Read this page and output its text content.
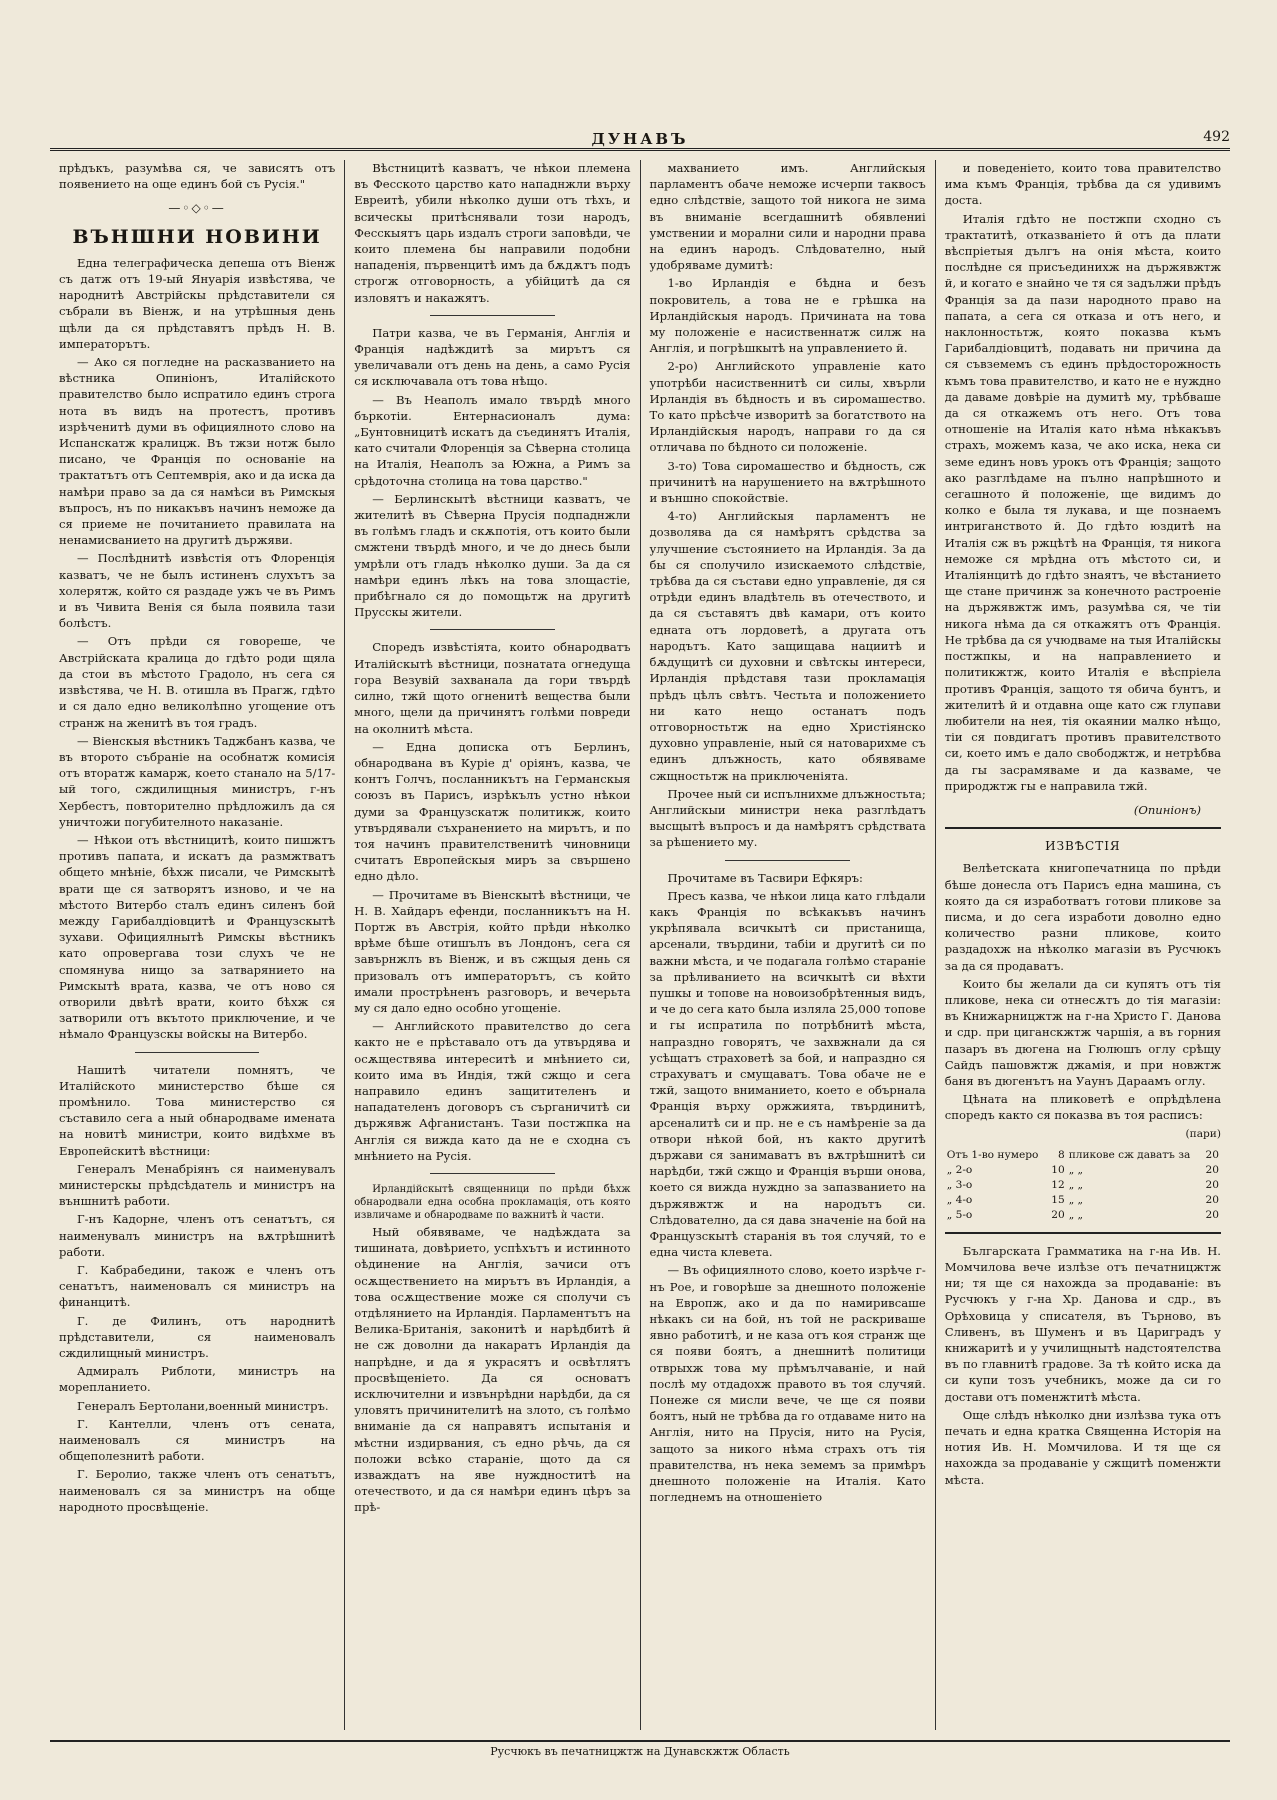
ДУНАВЪ	492

прѣдъкъ, разумѣва ся, че зависятъ отъ появението на още единъ бой съ Русія."

—◦◇◦—
ВЪНШНИ НОВИНИ

Една телеграфическа депеша отъ Віенж съ датж отъ 19-ый Януарія извѣстява, че народнитѣ Австрійскы прѣдставители ся събрали въ Віенж, и на утрѣшныя день щѣли да ся прѣдставятъ прѣдъ Н. В. императорътъ.

— Ако ся погледне на расказванието на вѣстника Опиніонъ, Италійското правителство было испратило единъ строга нота въ видъ на протестъ, противъ изрѣченитѣ думи въ официялното слово на Испанскатж кралицж. Въ тжзи нотж было писано, че Франція по основаніе на трактатътъ отъ Септемврія, ако и да иска да намѣри право за да ся намѣси въ Римскыя въпросъ, нъ по никакъвъ начинъ неможе да ся приеме не почитанието правилата на ненамисванието на другитѣ държяви.

— Послѣднитѣ извѣстія отъ Флоренція казватъ, че не былъ истиненъ слухътъ за холерятж, който ся раздаде ужъ че въ Римъ и въ Чивита Венія ся была появила тази болѣстъ.

— Отъ прѣди ся говореше, че Австрійската кралица до гдѣто роди щяла да стои въ мѣстото Градоло, нъ сега ся извѣстява, че Н. В. отишла въ Прагж, гдѣто и ся дало едно великолѣпно угощение отъ странж на женитѣ въ тоя градъ.

— Віенскыя вѣстникъ Таджбанъ казва, че въ второто събраніе на особнатж комисія отъ вторатж камарж, което станало на 5/17-ый того, сждилищныя министръ, г-нъ Хербестъ, повторително прѣдложилъ да ся уничтожи погубителното наказаніе.

— Нѣкои отъ вѣстницитѣ, които пишжтъ противъ папата, и искатъ да размжтватъ общето мнѣніе, бѣхж писали, че Римскытѣ врати ще ся затворятъ изново, и че на мѣстото Витербо сталъ единъ силенъ бой между Гарибалдіовцитѣ и Французскытѣ зухави. Официялнытѣ Римскы вѣстникъ като опровергава този слухъ че не спомянува нищо за затварянието на Римскытѣ врата, казва, че отъ ново ся отворили двѣтѣ врати, които бѣхж ся затворили отъ вкътото приключение, и че нѣмало Французскы войскы на Витербо.

Нашитѣ читатели помнятъ, че Италійското министерство бѣше ся промѣнило. Това министерство ся съставило сега а ный обнародваме имената на новитѣ министри, които видѣхме въ Европейскитѣ вѣстници:

Генералъ Менабріянъ ся наименувалъ министерскы прѣдсѣдатель и министръ на външнитѣ работи.

Г-нъ Кадорне, членъ отъ сенатътъ, ся наименувалъ министръ на вѫтрѣшнитѣ работи.

Г. Кабрабедини, також е членъ отъ сенатътъ, наименовалъ ся министръ на финанцитѣ.

Г. де Филинъ, отъ народнитѣ прѣдставители, ся наименовалъ сждилищный министръ.

Адмиралъ Риблоти, министръ на морепланието.

Генералъ Бертолани,военный министръ.

Г. Кантелли, членъ отъ сената, наименовалъ ся министръ на общеполезнитѣ работи.

Г. Беролио, также членъ отъ сенатътъ, наименовалъ ся за министръ на обще народното просвѣщеніе.

Вѣстницитѣ казватъ, че нѣкои племена въ Фесското царство като нападнжли върху Евреитѣ, убили нѣколко души отъ тѣхъ, и всическы притѣснявали този народъ, Фесскыятъ царь издалъ строги заповѣди, че които племена бы направили подобни нападенія, първенцитѣ имъ да бѫдѫтъ подъ строгж отговорность, а убійцитѣ да ся изловятъ и накажятъ.

Патри казва, че въ Германія, Англія и Франція надѣждитѣ за мирътъ ся увеличавали отъ день на день, а само Русія ся исключавала отъ това нѣщо.

— Въ Неаполъ имало твърдѣ много бъркотіи. Ентернасионалъ дума: „Бунтовницитѣ искатъ да съединятъ Италія, като считали Флоренція за Сѣверна столица на Италія, Неаполъ за Южна, а Римъ за срѣдоточна столица на това царство."

— Берлинскытѣ вѣстници казватъ, че жителитѣ въ Сѣверна Прусія подпаднжли въ голѣмъ гладъ и скѫпотія, отъ които были смжтени твърдѣ много, и че до днесь были умрѣли отъ гладъ нѣколко души. За да ся намѣри единъ лѣкъ на това злощастіе, прибѣгнало ся до помощьтж на другитѣ Прусскы жители.

Споредъ извѣстіята, които обнародватъ Италійскытѣ вѣстници, познатата огнедуща гора Везувій захванала да гори твърдѣ силно, тжй щото огненитѣ вещества были много, щели да причинятъ голѣми повреди на околнитѣ мѣста.

— Една дописка отъ Берлинъ, обнародвана въ Куріе д' оріянъ, казва, че контъ Голчъ, посланникътъ на Германскыя союзъ въ Парисъ, изрѣкълъ устно нѣкои думи за Французскатж политикж, които утвърдявали съхранението на мирътъ, и по тоя начинъ правителственитѣ чиновници считатъ Европейскыя миръ за свършено едно дѣло.

— Прочитаме въ Віенскытѣ вѣстници, че Н. В. Хайдаръ ефенди, посланникътъ на Н. Портж въ Австрія, който прѣди нѣколко врѣме бѣше отишълъ въ Лондонъ, сега ся завърнжлъ въ Віенж, и въ сжщыя день ся призовалъ отъ императорътъ, съ който имали прострѣненъ разговоръ, и вечерьта му ся дало едно особно угощеніе.

— Английското правителство до сега както не е прѣставало отъ да утвърдява и осѫществява интереситѣ и мнѣнието си, които има въ Индія, тжй сжщо и сега направило единъ защитителенъ и нападателенъ договоръ съ сърганичитѣ си държявж Афганистанъ. Тази постжпка на Англія ся вижда като да не е сходна съ мнѣнието на Русія.

Ирландійскытѣ священници по прѣди бѣхж обнародвали една особна прокламація, отъ която извличаме и обнародваме по важнитѣ ѝ части.

Ный обявяваме, че надѣждата за тишината, довѣрието, успѣхътъ и истинното оѣдинение на Англія, зачиси отъ осѫществението на мирътъ въ Ирландія, а това осѫществение може ся сполучи съ отдѣлянието на Ирландія. Парламентътъ на Велика-Британія, законитѣ и нарѣдбитѣ й не сж доволни да накаратъ Ирландія да напрѣдне, и да я украсятъ и освѣтлятъ просвѣщеніето. Да ся основатъ исключителни и извънрѣдни нарѣдби, да ся уловятъ причинителитѣ на злото, съ голѣмо вниманіе да ся направятъ испытанія и мѣстни издирвания, съ едно рѣчь, да ся положи всѣко стараніе, щото да ся изваждатъ на яве нуждноститѣ на отечеството, и да ся намѣри единъ цѣръ за прѣ-

махванието имъ. Английскыя парламентъ обаче неможе исчерпи таквосъ едно слѣдствіе, защото той никога не зима въ вниманіе всегдашнитѣ обявлениi умствении и морални сили и народни права на единъ народъ. Слѣдователно, ный удобряваме думитѣ:

1-во Ирландія е бѣдна и безъ покровитель, а това не е грѣшка на Ирландійскыя народъ. Причината на това му положеніе е насиственнатж силж на Англія, и погрѣшкытѣ на управлението й.

2-ро) Английското управленіе като употрѣби насиственнитѣ си силы, хвърли Ирландія въ бѣдность и въ сиромашество. То като прѣсѣче изворитѣ за богатството на Ирландійскыя народъ, направи го да ся отличава по бѣдното си положеніе.

3-то) Това сиромашество и бѣдность, сж причинитѣ на нарушението на вѫтрѣшното и външно спокойствіе.

4-то) Английскыя парламентъ не дозволява да ся намѣрятъ срѣдства за улучшение състоянието на Ирландія. За да бы ся сполучило изискаемото слѣдствіе, трѣбва да ся състави едно управленіе, дя ся отрѣди единъ владѣтель въ отечеството, и да ся съставятъ двѣ камари, отъ които едната отъ лордоветѣ, а другата отъ народътъ. Като защищава нациитѣ и бѫдущитѣ си духовни и свѣтскы интереси, Ирландія прѣдставя тази прокламація прѣдъ цѣлъ свѣтъ. Честьта и положението ни като нещо останатъ подъ отговорностьтж на едно Христіянско духовно управленіе, ный ся натоварихме съ единъ длъжность, като обявяваме сжщностьтж на приключеніята.

Прочее ный си испълнихме длъжностьта; Английскыи министри нека разглѣдатъ высщытѣ въпросъ и да намѣрятъ срѣдствата за рѣшението му.

Прочитаме въ Тасвири Ефкяръ:

Пресъ казва, че нѣкои лица като глѣдали какъ Франція по всѣкакъвъ начинъ укрѣпявала всичкытѣ си пристанища, арсенали, твърдини, табіи и другитѣ си по важни мѣста, и че подагала голѣмо стараніе за прѣливанието на всичкытѣ си вѣхти пушкы и топове на новоизобрѣтенныя видъ, и че до сега като была изляла 25,000 топове и гы испратила по потрѣбнитѣ мѣста, напраздно говорятъ, че захвжнали да ся усѣщатъ страховетѣ за бой, и напраздно ся страхуватъ и смущаватъ. Това обаче не е тжй, защото вниманието, което е обърнала Франція върху оржжията, твърдинитѣ, арсеналитѣ си и пр. не е съ намѣреніе за да отвори нѣкой бой, нъ както другитѣ държави ся занимаватъ въ вѫтрѣшнитѣ си нарѣдби, тжй сжщо и Франція върши онова, което ся вижда нуждно за запазванието на държявжтж и на народътъ си. Слѣдователно, да ся дава значеніе на бой на Французскытѣ старанія въ тоя случяй, то е една чиста клевета.

— Въ официялното слово, което изрѣче г-нъ Рое, и говорѣше за днешното положеніе на Европж, ако и да по намиривсаше нѣкакъ си на бой, нъ той не раскриваше явно работитѣ, и не каза отъ коя странж ще ся появи боятъ, а днешнитѣ политици отврыхж това му прѣмълчаваніе, и най послѣ му отдадохж правото въ тоя случяй. Понеже ся мисли вече, че ще ся появи боятъ, ный не трѣбва да го отдаваме нито на Англія, нито на Прусія, нито на Русія, защото за никого нѣма страхъ отъ тія правителства, нъ нека земемъ за примѣръ днешното положеніе на Италія. Като погледнемъ на отношеніето

и поведеніето, които това правителство има къмъ Франція, трѣбва да ся удивимъ доста.

Италія гдѣто не постжпи сходно съ трактатитѣ, отказваніето й отъ да плати вѣспріетыя дългъ на онія мѣста, които послѣдне ся присъединихж на държявжтж й, и когато е знайно че тя ся задължи прѣдъ Франція за да пази народното право на папата, а сега ся отказа и отъ него, и наклонностьтж, която показва къмъ Гарибалдіовцитѣ, подавать ни причина да ся съвземемъ съ единъ прѣдосторожность къмъ това правителство, и като не е нуждно да даваме довѣріе на думитѣ му, трѣбваше да ся откажемъ отъ него. Отъ това отношеніе на Италія като нѣма нѣкакъвъ страхъ, можемъ каза, че ако иска, нека си земе единъ новъ урокъ отъ Франція; защото ако разглѣдаме на пълно напрѣшното и сегашното й положеніе, ще видимъ до колко е была тя лукава, и ще познаемъ интриганството й. До гдѣто юздитѣ на Италія сж въ ржцѣтѣ на Франція, тя никога неможе ся мрѣдна отъ мѣстото си, и Италіянцитѣ до гдѣто знаятъ, че вѣстанието ще стане причинж за конечното растроеніе на държявжтж имъ, разумѣва ся, че тіи никога нѣма да ся откажятъ отъ Франція. Не трѣбва да ся учюдваме на тыя Италійскы постжпкы, и на направлението и политикжтж, които Италія е вѣспріела противъ Франція, защото тя обича бунтъ, и жителитѣ й и отдавна още като сж глупави любители на нея, тія окаянии малко нѣщо, тіи ся повдигатъ противъ правителството си, което имъ е дало свободжтж, и нетрѣбва да гы засрамяваме и да казваме, че природжтж гы е направила тжй.

(Опиніонъ)
ИЗВѢСТІЯ

Велѣетската книгопечатница по прѣди бѣше донесла отъ Парисъ една машина, съ която да ся изработватъ готови пликове за писма, и до сега изработи доволно едно количество разни пликове, които раздадохж на нѣколко магазіи въ Русчюкъ за да ся продаватъ.

Които бы желали да си купятъ отъ тія пликове, нека си отнесѫтъ до тія магазіи: въ Книжарницжтж на г-на Христо Г. Данова и сдр. при циганскжтж чаршія, а въ горния пазаръ въ дюгена на Гюлюшъ оглу срѣщу Сайдъ пашовжтж джамія, и при новжтж баня въ дюгенътъ на Уаунъ Дараамъ оглу.

Цѣната на пликоветѣ е опрѣдѣлена споредъ както ся показва въ тоя расписъ:

(пари)
Отъ 1-во нумеро	8	пликове сж даватъ за	20
„ 2-о	10	„ „	20
„ 3-о	12	„ „	20
„ 4-о	15	„ „	20
„ 5-о	20	„ „	20

Българската Грамматика на г-на Ив. Н. Момчилова вече излѣзе отъ печатницжтж ни; тя ще ся нахожда за продаваніе: въ Русчюкъ у г-на Хр. Данова и сдр., въ Орѣховица у списателя, въ Търново, въ Сливенъ, въ Шуменъ и въ Цариградъ у книжаритѣ и у училищнытѣ надстоятелства въ по главнитѣ градове. За тѣ който иска да си купи тозъ учебникъ, може да си го достави отъ поменжтитѣ мѣста.

Още слѣдъ нѣколко дни излѣзва тука отъ печать и една кратка Священна Исторія на нотия Ив. Н. Момчилова. И тя ще ся нахожда за продаваніе у сжщитѣ поменжти мѣста.

Русчюкъ въ печатницжтж на Дунавскжтж Область
